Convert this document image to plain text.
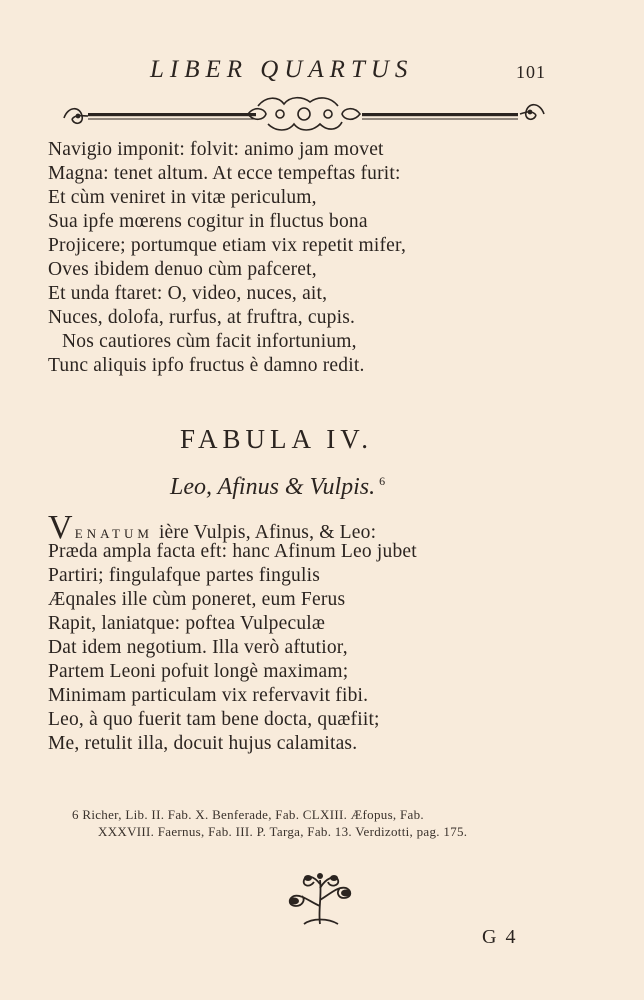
LIBER QUARTUS	101
Navigio imponit: folvit: animo jam movet
Magna: tenet altum. At ecce tempeftas furit:
Et cùm veniret in vitæ periculum,
Sua ipfe mœrens cogitur in fluctus bona
Projicere; portumque etiam vix repetit mifer,
Oves ibidem denuo cùm pafceret,
Et unda ftaret: O, video, nuces, ait,
Nuces, dolofa, rurfus, at fruftra, cupis.
Nos cautiores cùm facit infortunium,
Tunc aliquis ipfo fructus è damno redit.
FABULA IV.
Leo, Afinus & Vulpis. $^6$
VENATUM ière Vulpis, Afinus, & Leo:
Præda ampla facta eft: hanc Afinum Leo jubet
Partiri; fingulafque partes fingulis
Æqnales ille cùm poneret, eum Ferus
Rapit, laniatque: poftea Vulpeculæ
Dat idem negotium. Illa verò aftutior,
Partem Leoni pofuit longè maximam;
Minimam particulam vix refervavit fibi.
Leo, à quo fuerit tam bene docta, quæfiit;
Me, retulit illa, docuit hujus calamitas.
6 Richer, Lib. II. Fab. X. Benferade, Fab. CLXIII. Æfopus, Fab.
XXXVIII. Faernus, Fab. III. P. Targa, Fab. 13. Verdizotti, pag. 175.
G 4
